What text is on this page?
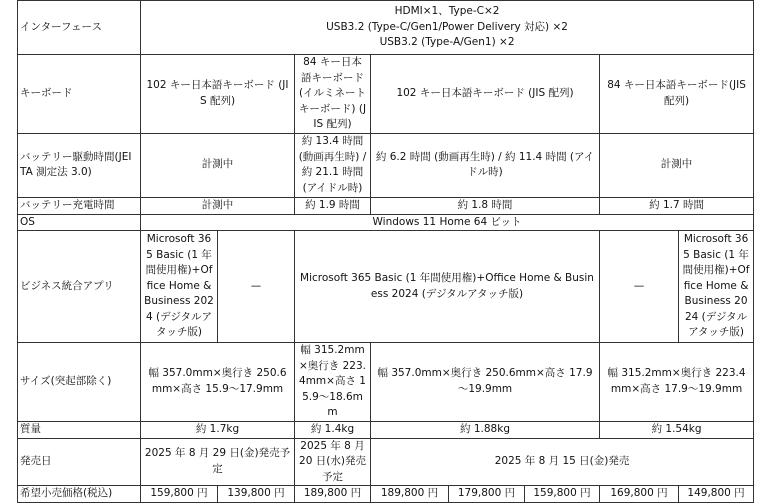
インターフェース	HDMI×1、Type-C×2
USB3.2 (Type-C/Gen1/Power Delivery 対応) ×2
USB3.2 (Type-A/Gen1) ×2								

キーボード	102 キー日本語キーボード (JIS 配列)		84 キー日本語キーボード (イルミネートキーボード) (JIS 配列)	102 キー日本語キーボード (JIS 配列)			84 キー日本語キーボード(JIS 配列)		
バッテリー駆動時間(JEITA 測定法 3.0)	計測中		約 13.4 時間 (動画再生時) / 約 21.1 時間 (アイドル時)	約 6.2 時間 (動画再生時) / 約 11.4 時間 (アイドル時)			計測中		
バッテリー充電時間	計測中		約 1.9 時間	約 1.8 時間			約 1.7 時間		
OS	Windows 11 Home 64 ビット								
ビジネス統合アプリ	Microsoft 365 Basic (1 年間使用権)+Office Home & Business 2024 (デジタルアタッチ版)	—	Microsoft 365 Basic (1 年間使用権)+Office Home & Business 2024 (デジタルアタッチ版)				—	Microsoft 365 Basic (1 年間使用権)+Office Home & Business 2024 (デジタルアタッチ版)	
サイズ(突起部除く)	幅 357.0mm×奥行き 250.6mm×高さ 15.9～17.9mm		幅 315.2mm×奥行き 223.4mm×高さ 15.9～18.6mm	幅 357.0mm×奥行き 250.6mm×高さ 17.9～19.9mm			幅 315.2mm×奥行き 223.4mm×高さ 17.9～19.9mm		
質量	約 1.7kg		約 1.4kg	約 1.88kg			約 1.54kg		
発売日	2025 年 8 月 29 日(金)発売予定		2025 年 8 月 20 日(水)発売予定	2025 年 8 月 15 日(金)発売					
希望小売価格(税込)	159,800 円	139,800 円	189,800 円	189,800 円	179,800 円	159,800 円	169,800 円	149,800 円	
